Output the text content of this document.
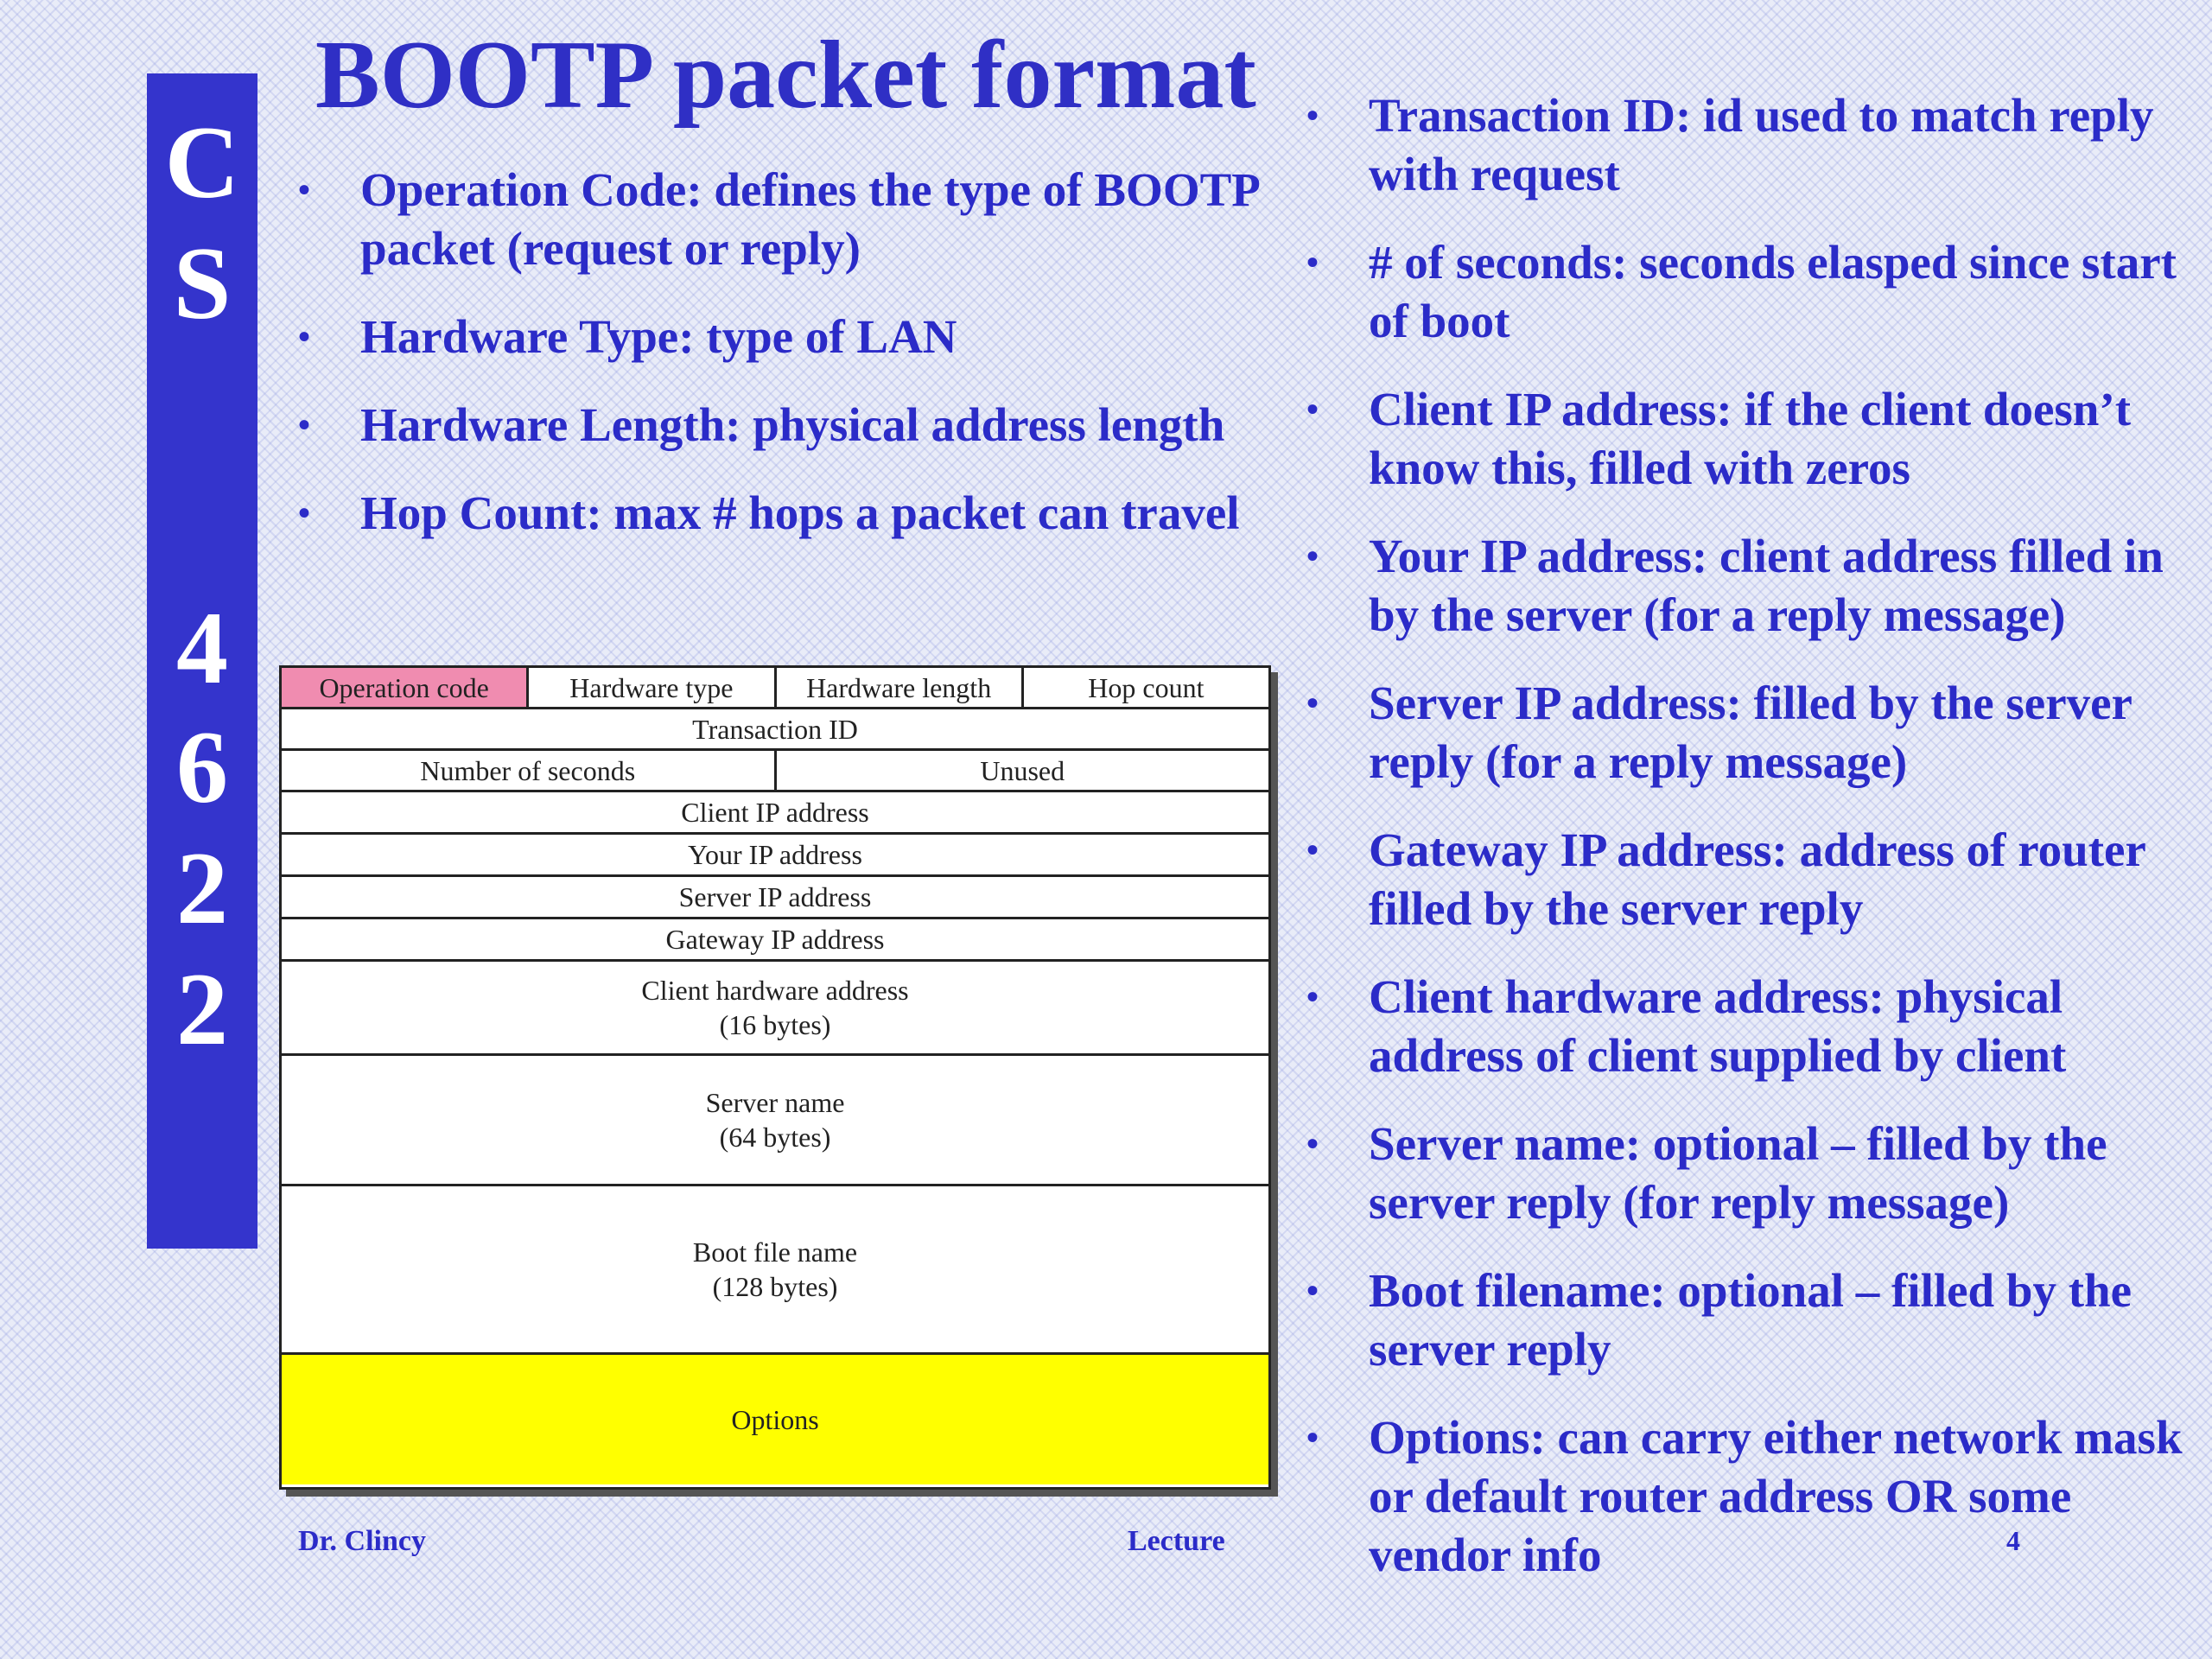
C
S
4
6
2
2
BOOTP packet format
• Operation Code: defines the type of BOOTP packet (request or reply)
• Hardware Type: type of LAN
• Hardware Length: physical address length
• Hop Count: max # hops a packet can travel
• Transaction ID: id used to match reply with request
• # of seconds: seconds elasped since start of boot
• Client IP address: if the client doesn’t know this, filled with zeros
• Your IP address: client address filled in by the server (for a reply message)
• Server IP address: filled by the server reply (for a reply message)
• Gateway IP address: address of router filled by the server reply
• Client hardware address: physical address of client supplied by client
• Server name: optional – filled by the server reply (for reply message)
• Boot filename: optional – filled by the server reply
• Options: can carry either network mask or default router address OR some vendor info
Operation code	Hardware type	Hardware length	Hop count
Transaction ID
Number of seconds	Unused
Client IP address
Your IP address
Server IP address
Gateway IP address
Client hardware address
(16 bytes)
Server name
(64 bytes)
Boot file name
(128 bytes)
Options
Dr. Clincy	Lecture	4
